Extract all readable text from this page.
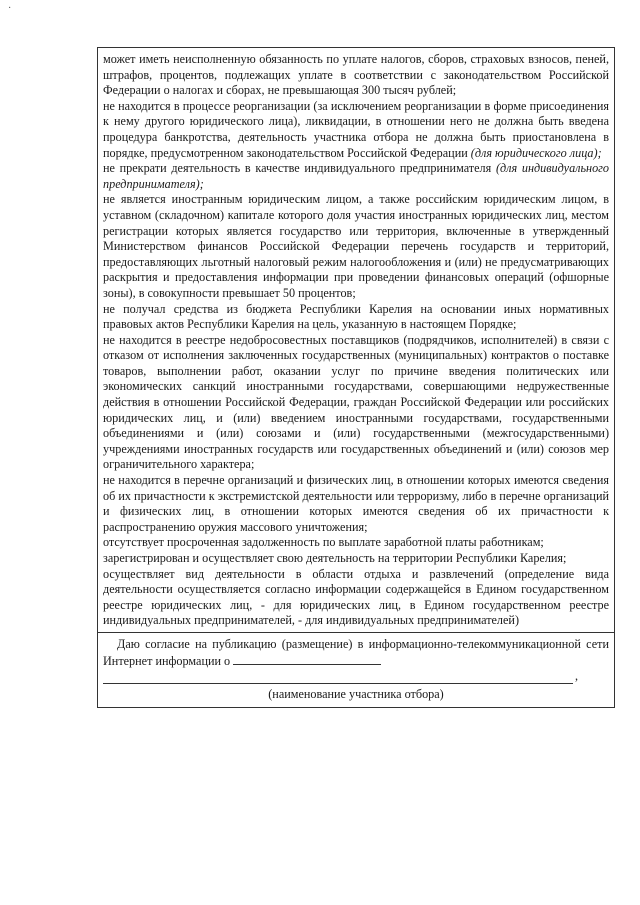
·

может иметь неисполненную обязанность по уплате налогов, сборов, страховых взносов, пеней, штрафов, процентов, подлежащих уплате в соответствии с законодательством Российской Федерации о налогах и сборах, не превышающая 300 тысяч рублей;

не находится в процессе реорганизации (за исключением реорганизации в форме присоединения к нему другого юридического лица), ликвидации, в отношении него не должна быть введена процедура банкротства, деятельность участника отбора не должна быть приостановлена в порядке, предусмотренном законодательством Российской Федерации (для юридического лица);

не прекрати деятельность в качестве индивидуального предпринимателя (для индивидуального предпринимателя);

не является иностранным юридическим лицом, а также российским юридическим лицом, в уставном (складочном) капитале которого доля участия иностранных юридических лиц, местом регистрации которых является государство или территория, включенные в утвержденный Министерством финансов Российской Федерации перечень государств и территорий, предоставляющих льготный налоговый режим налогообложения и (или) не предусматривающих раскрытия и предоставления информации при проведении финансовых операций (офшорные зоны), в совокупности превышает 50 процентов;

не получал средства из бюджета Республики Карелия на основании иных нормативных правовых актов Республики Карелия на цель, указанную в настоящем Порядке;

не находится в реестре недобросовестных поставщиков (подрядчиков, исполнителей) в связи с отказом от исполнения заключенных государственных (муниципальных) контрактов о поставке товаров, выполнении работ, оказании услуг по причине введения политических или экономических санкций иностранными государствами, совершающими недружественные действия в отношении Российской Федерации, граждан Российской Федерации или российских юридических лиц, и (или) введением иностранными государствами, государственными объединениями и (или) союзами и (или) государственными (межгосударственными) учреждениями иностранных государств или государственных объединений и (или) союзов мер ограничительного характера;

не находится в перечне организаций и физических лиц, в отношении которых имеются сведения об их причастности к экстремистской деятельности или терроризму, либо в перечне организаций и физических лиц, в отношении которых имеются сведения об их причастности к распространению оружия массового уничтожения;

отсутствует просроченная задолженность по выплате заработной платы работникам;

зарегистрирован и осуществляет свою деятельность на территории Республики Карелия;

осуществляет вид деятельности в области отдыха и развлечений (определение вида деятельности осуществляется согласно информации содержащейся в Едином государственном реестре юридических лиц, - для юридических лиц, в Едином государственном реестре индивидуальных предпринимателей, - для индивидуальных предпринимателей)

Даю согласие на публикацию (размещение) в информационно-телекоммуникационной сети Интернет информации о

,
(наименование участника отбора)
